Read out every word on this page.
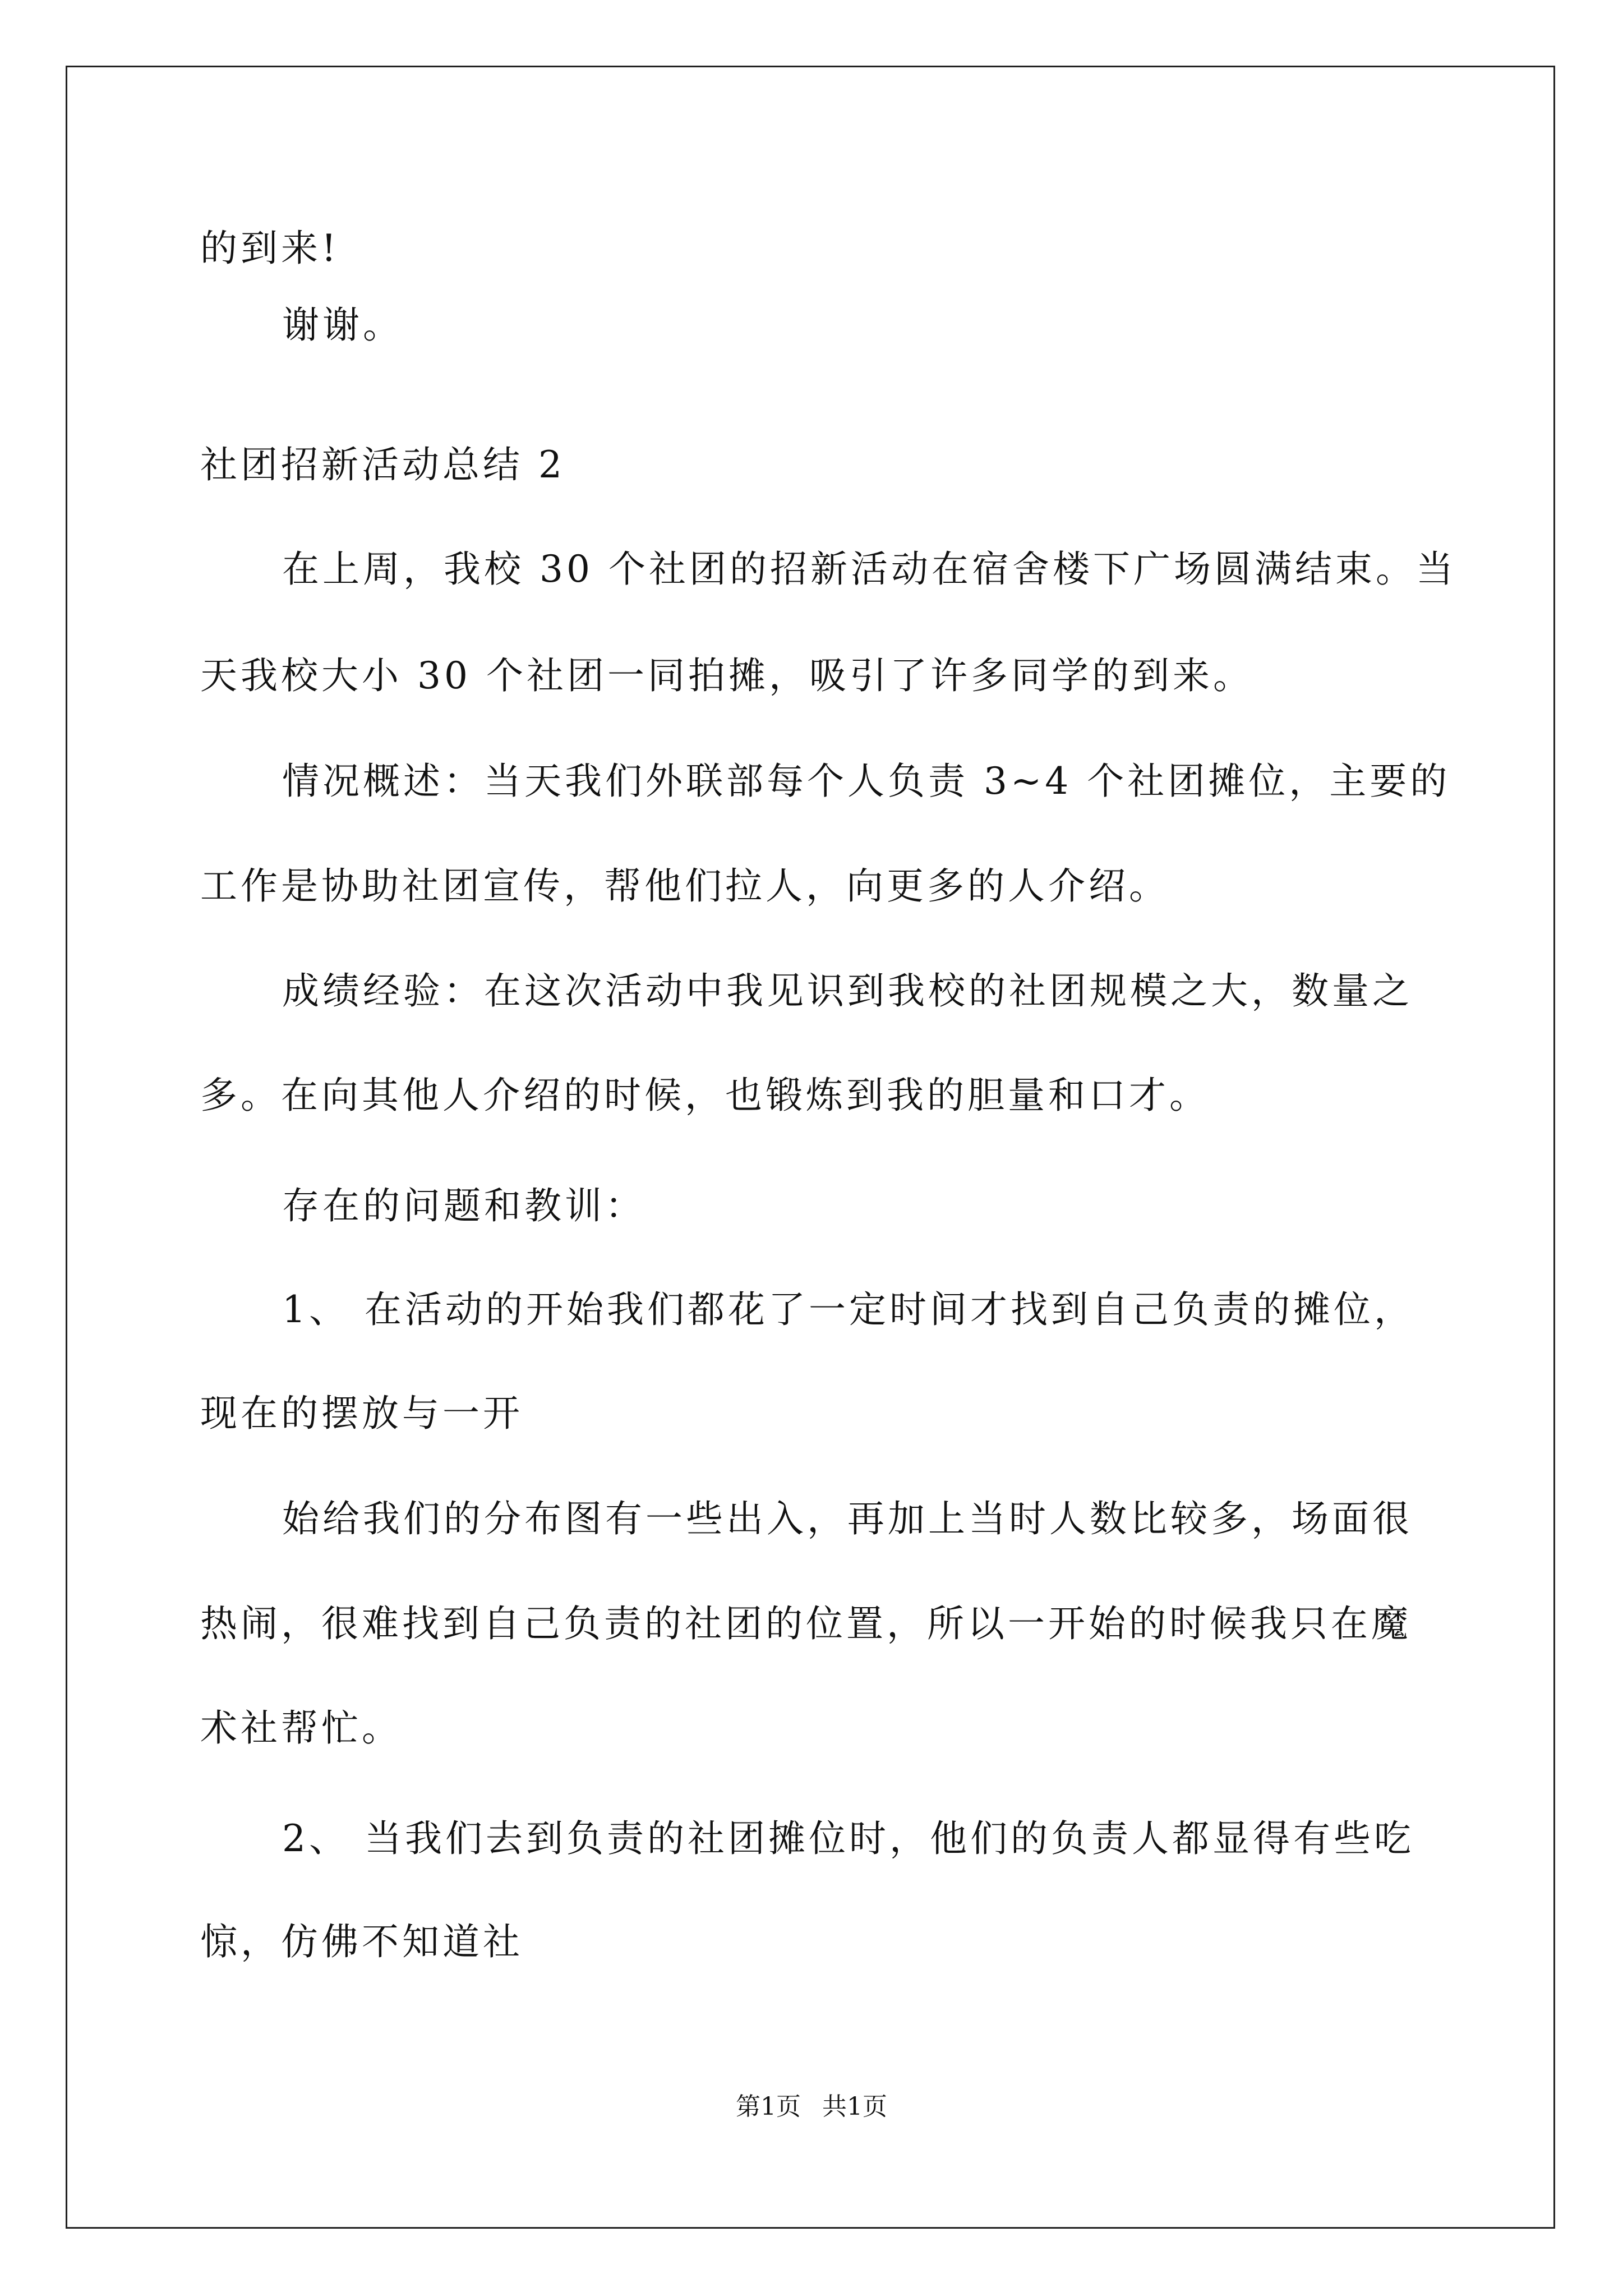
的到来!
谢谢。
社团招新活动总结 2
在上周，我校 30 个社团的招新活动在宿舍楼下广场圆满结束。当
天我校大小 30 个社团一同拍摊，吸引了许多同学的到来。
情况概述：当天我们外联部每个人负责 3~4 个社团摊位，主要的
工作是协助社团宣传，帮他们拉人，向更多的人介绍。
成绩经验：在这次活动中我见识到我校的社团规模之大，数量之
多。在向其他人介绍的时候，也锻炼到我的胆量和口才。
存在的问题和教训：
1、 在活动的开始我们都花了一定时间才找到自己负责的摊位，
现在的摆放与一开
始给我们的分布图有一些出入，再加上当时人数比较多，场面很
热闹，很难找到自己负责的社团的位置，所以一开始的时候我只在魔
术社帮忙。
2、 当我们去到负责的社团摊位时，他们的负责人都显得有些吃
惊，仿佛不知道社
第1页 共1页
